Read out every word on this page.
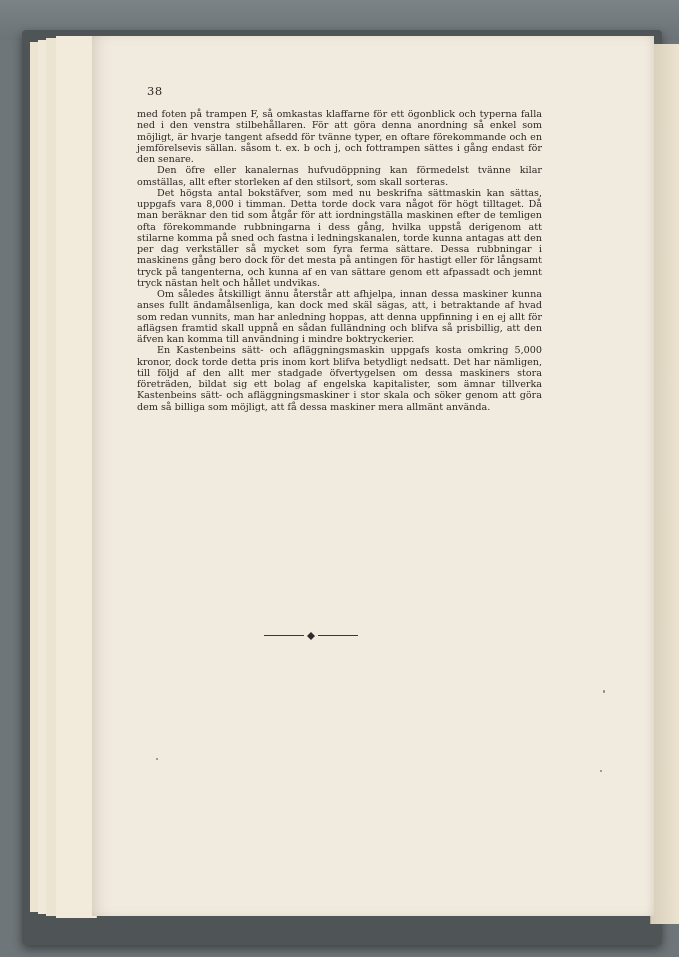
38

med foten på trampen F, så omkastas klaffarne för ett ögonblick och typerna falla ned i den venstra stilbehållaren. För att göra denna anordning så enkel som möjligt, är hvarje tangent afsedd för tvänne typer, en oftare förekommande och en jemförelsevis sällan. såsom t. ex. b och j, och fottrampen sättes i gång endast för den senare.

Den öfre eller kanalernas hufvudöppning kan förmedelst tvänne kilar omställas, allt efter storleken af den stilsort, som skall sorteras.

Det högsta antal bokstäfver, som med nu beskrifna sättmaskin kan sättas, uppgafs vara 8,000 i timman. Detta torde dock vara något för högt tilltaget. Då man beräknar den tid som åtgår för att iordningställa maskinen efter de temligen ofta förekommande rubbningarna i dess gång, hvilka uppstå derigenom att stilarne komma på sned och fastna i ledningskanalen, torde kunna antagas att den per dag verkställer så mycket som fyra ferma sättare. Dessa rubbningar i maskinens gång bero dock för det mesta på antingen för hastigt eller för långsamt tryck på tangenterna, och kunna af en van sättare genom ett afpassadt och jemnt tryck nästan helt och hållet undvikas.

Om således åtskilligt ännu återstår att afhjelpa, innan dessa maskiner kunna anses fullt ändamålsenliga, kan dock med skäl sägas, att, i betraktande af hvad som redan vunnits, man har anledning hoppas, att denna uppfinning i en ej allt för aflägsen framtid skall uppnå en sådan fulländning och blifva så prisbillig, att den äfven kan komma till användning i mindre boktryckerier.

En Kastenbeins sätt- och afläggningsmaskin uppgafs kosta omkring 5,000 kronor, dock torde detta pris inom kort blifva betydligt nedsatt. Det har nämligen, till följd af den allt mer stadgade öfvertygelsen om dessa maskiners stora företräden, bildat sig ett bolag af engelska kapitalister, som ämnar tillverka Kastenbeins sätt- och afläggningsmaskiner i stor skala och söker genom att göra dem så billiga som möjligt, att få dessa maskiner mera allmänt använda.
